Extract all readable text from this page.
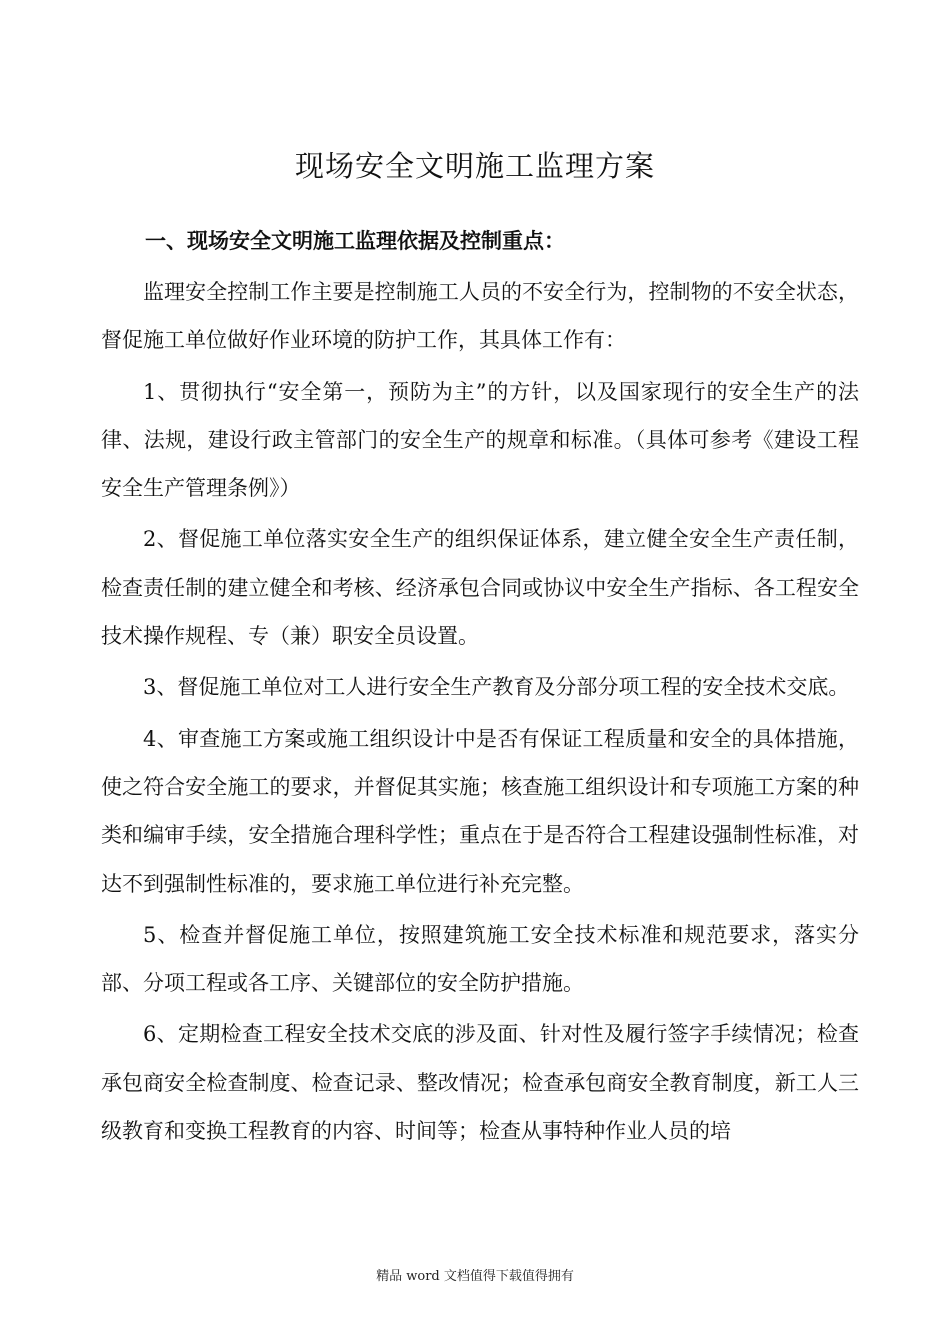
现场安全文明施工监理方案
一、现场安全文明施工监理依据及控制重点：

监理安全控制工作主要是控制施工人员的不安全行为，控制物的不安全状态，督促施工单位做好作业环境的防护工作，其具体工作有：

1、贯彻执行“安全第一，预防为主”的方针，以及国家现行的安全生产的法律、法规，建设行政主管部门的安全生产的规章和标准。（具体可参考《建设工程安全生产管理条例》）

2、督促施工单位落实安全生产的组织保证体系，建立健全安全生产责任制，检查责任制的建立健全和考核、经济承包合同或协议中安全生产指标、各工程安全技术操作规程、专（兼）职安全员设置。

3、督促施工单位对工人进行安全生产教育及分部分项工程的安全技术交底。

4、审查施工方案或施工组织设计中是否有保证工程质量和安全的具体措施，使之符合安全施工的要求，并督促其实施；核查施工组织设计和专项施工方案的种类和编审手续，安全措施合理科学性；重点在于是否符合工程建设强制性标准，对达不到强制性标准的，要求施工单位进行补充完整。

5、检查并督促施工单位，按照建筑施工安全技术标准和规范要求，落实分部、分项工程或各工序、关键部位的安全防护措施。

6、定期检查工程安全技术交底的涉及面、针对性及履行签字手续情况；检查承包商安全检查制度、检查记录、整改情况；检查承包商安全教育制度，新工人三级教育和变换工程教育的内容、时间等；检查从事特种作业人员的培

精品 word 文档值得下载值得拥有
